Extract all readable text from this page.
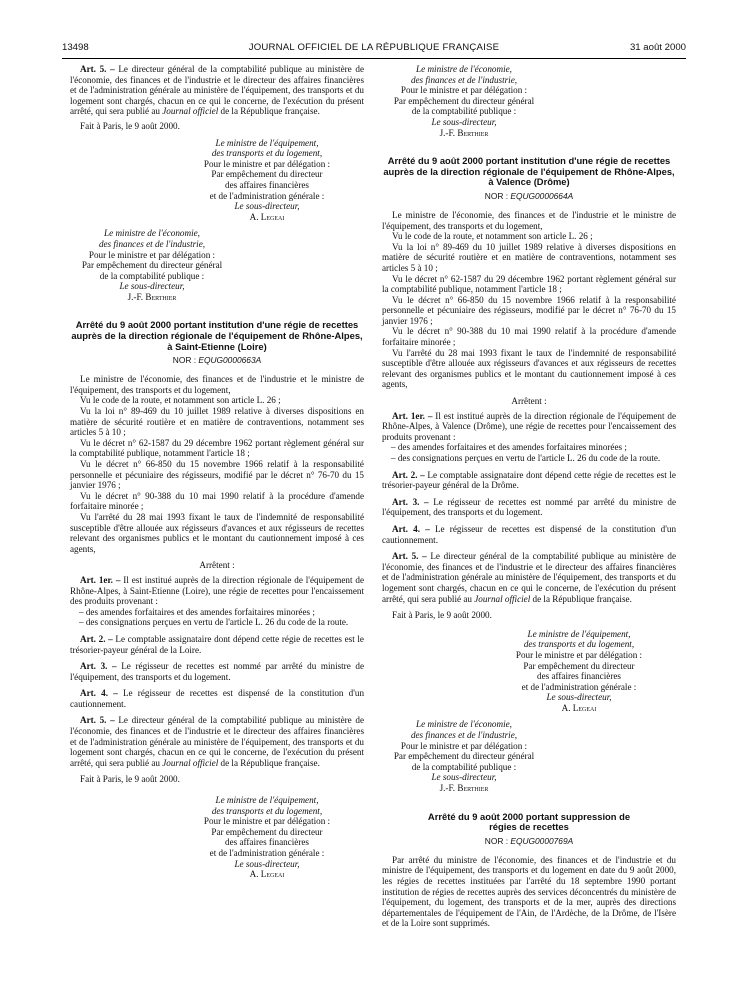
13498	JOURNAL OFFICIEL DE LA RÉPUBLIQUE FRANÇAISE	31 août 2000

Art. 5. – Le directeur général de la comptabilité publique au ministère de l'économie, des finances et de l'industrie et le directeur des affaires financières et de l'administration générale au ministère de l'équipement, des transports et du logement sont chargés, chacun en ce qui le concerne, de l'exécution du présent arrêté, qui sera publié au Journal officiel de la République française.

Fait à Paris, le 9 août 2000.

Le ministre de l'équipement,
des transports et du logement,
Pour le ministre et par délégation :
Par empêchement du directeur
des affaires financières
et de l'administration générale :
Le sous-directeur,
A. Legeai
Le ministre de l'économie,
des finances et de l'industrie,
Pour le ministre et par délégation :
Par empêchement du directeur général
de la comptabilité publique :
Le sous-directeur,
J.-F. Berthier
Arrêté du 9 août 2000 portant institution d'une régie de recettes auprès de la direction régionale de l'équipement de Rhône-Alpes, à Saint-Etienne (Loire)
NOR : EQUG0000663A

Le ministre de l'économie, des finances et de l'industrie et le ministre de l'équipement, des transports et du logement,

Vu le code de la route, et notamment son article L. 26 ;

Vu la loi n° 89-469 du 10 juillet 1989 relative à diverses dispositions en matière de sécurité routière et en matière de contraventions, notamment ses articles 5 à 10 ;

Vu le décret n° 62-1587 du 29 décembre 1962 portant règlement général sur la comptabilité publique, notamment l'article 18 ;

Vu le décret n° 66-850 du 15 novembre 1966 relatif à la responsabilité personnelle et pécuniaire des régisseurs, modifié par le décret n° 76-70 du 15 janvier 1976 ;

Vu le décret n° 90-388 du 10 mai 1990 relatif à la procédure d'amende forfaitaire minorée ;

Vu l'arrêté du 28 mai 1993 fixant le taux de l'indemnité de responsabilité susceptible d'être allouée aux régisseurs d'avances et aux régisseurs de recettes relevant des organismes publics et le montant du cautionnement imposé à ces agents,

Arrêtent :

Art. 1er. – Il est institué auprès de la direction régionale de l'équipement de Rhône-Alpes, à Saint-Etienne (Loire), une régie de recettes pour l'encaissement des produits provenant :

– des amendes forfaitaires et des amendes forfaitaires minorées ;

– des consignations perçues en vertu de l'article L. 26 du code de la route.

Art. 2. – Le comptable assignataire dont dépend cette régie de recettes est le trésorier-payeur général de la Loire.

Art. 3. – Le régisseur de recettes est nommé par arrêté du ministre de l'équipement, des transports et du logement.

Art. 4. – Le régisseur de recettes est dispensé de la constitution d'un cautionnement.

Art. 5. – Le directeur général de la comptabilité publique au ministère de l'économie, des finances et de l'industrie et le directeur des affaires financières et de l'administration générale au ministère de l'équipement, des transports et du logement sont chargés, chacun en ce qui le concerne, de l'exécution du présent arrêté, qui sera publié au Journal officiel de la République française.

Fait à Paris, le 9 août 2000.

Le ministre de l'équipement,
des transports et du logement,
Pour le ministre et par délégation :
Par empêchement du directeur
des affaires financières
et de l'administration générale :
Le sous-directeur,
A. Legeai
Le ministre de l'économie,
des finances et de l'industrie,
Pour le ministre et par délégation :
Par empêchement du directeur général
de la comptabilité publique :
Le sous-directeur,
J.-F. Berthier
Arrêté du 9 août 2000 portant institution d'une régie de recettes auprès de la direction régionale de l'équipement de Rhône-Alpes, à Valence (Drôme)
NOR : EQUG0000664A

Le ministre de l'économie, des finances et de l'industrie et le ministre de l'équipement, des transports et du logement,

Vu le code de la route, et notamment son article L. 26 ;

Vu la loi n° 89-469 du 10 juillet 1989 relative à diverses dispositions en matière de sécurité routière et en matière de contraventions, notamment ses articles 5 à 10 ;

Vu le décret n° 62-1587 du 29 décembre 1962 portant règlement général sur la comptabilité publique, notamment l'article 18 ;

Vu le décret n° 66-850 du 15 novembre 1966 relatif à la responsabilité personnelle et pécuniaire des régisseurs, modifié par le décret n° 76-70 du 15 janvier 1976 ;

Vu le décret n° 90-388 du 10 mai 1990 relatif à la procédure d'amende forfaitaire minorée ;

Vu l'arrêté du 28 mai 1993 fixant le taux de l'indemnité de responsabilité susceptible d'être allouée aux régisseurs d'avances et aux régisseurs de recettes relevant des organismes publics et le montant du cautionnement imposé à ces agents,

Arrêtent :

Art. 1er. – Il est institué auprès de la direction régionale de l'équipement de Rhône-Alpes, à Valence (Drôme), une régie de recettes pour l'encaissement des produits provenant :

– des amendes forfaitaires et des amendes forfaitaires minorées ;

– des consignations perçues en vertu de l'article L. 26 du code de la route.

Art. 2. – Le comptable assignataire dont dépend cette régie de recettes est le trésorier-payeur général de la Drôme.

Art. 3. – Le régisseur de recettes est nommé par arrêté du ministre de l'équipement, des transports et du logement.

Art. 4. – Le régisseur de recettes est dispensé de la constitution d'un cautionnement.

Art. 5. – Le directeur général de la comptabilité publique au ministère de l'économie, des finances et de l'industrie et le directeur des affaires financières et de l'administration générale au ministère de l'équipement, des transports et du logement sont chargés, chacun en ce qui le concerne, de l'exécution du présent arrêté, qui sera publié au Journal officiel de la République française.

Fait à Paris, le 9 août 2000.

Le ministre de l'équipement,
des transports et du logement,
Pour le ministre et par délégation :
Par empêchement du directeur
des affaires financières
et de l'administration générale :
Le sous-directeur,
A. Legeai
Le ministre de l'économie,
des finances et de l'industrie,
Pour le ministre et par délégation :
Par empêchement du directeur général
de la comptabilité publique :
Le sous-directeur,
J.-F. Berthier
Arrêté du 9 août 2000 portant suppression de régies de recettes
NOR : EQUG0000769A

Par arrêté du ministre de l'économie, des finances et de l'industrie et du ministre de l'équipement, des transports et du logement en date du 9 août 2000, les régies de recettes instituées par l'arrêté du 18 septembre 1990 portant institution de régies de recettes auprès des services déconcentrés du ministère de l'équipement, du logement, des transports et de la mer, auprès des directions départementales de l'équipement de l'Ain, de l'Ardèche, de la Drôme, de l'Isère et de la Loire sont supprimés.
